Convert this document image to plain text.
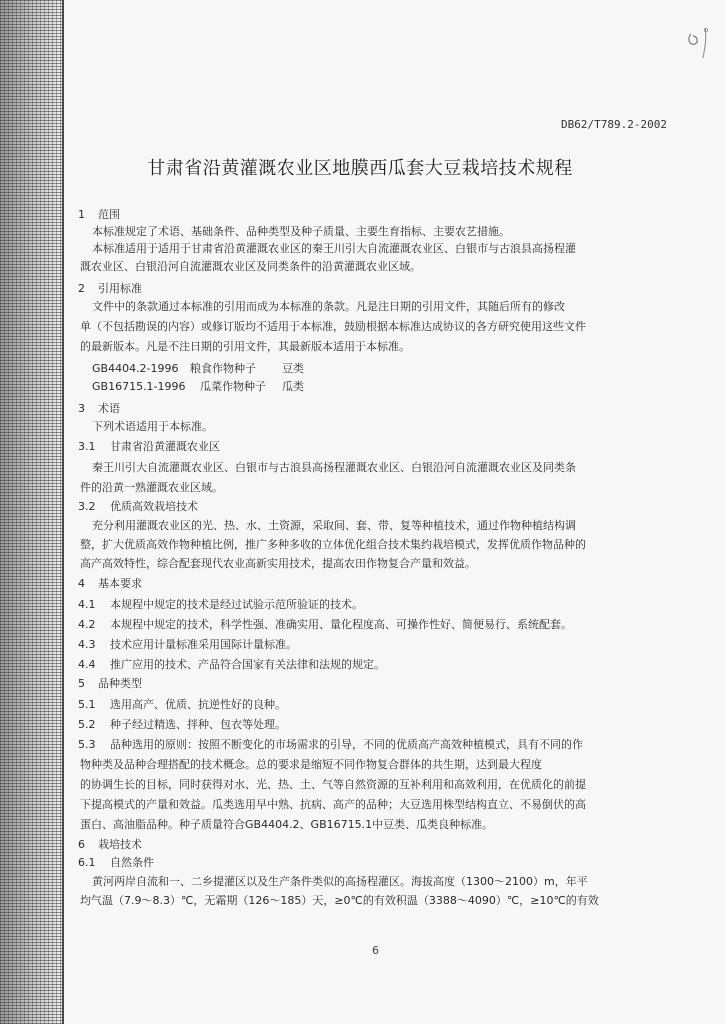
DB62/T789.2-2002
甘肃省沿黄灌溉农业区地膜西瓜套大豆栽培技术规程
1 范围
本标准规定了术语、基础条件、品种类型及种子质量、主要生育指标、主要农艺措施。
本标准适用于适用于甘肃省沿黄灌溉农业区的秦王川引大自流灌溉农业区、白银市与古浪县高扬程灌
溉农业区、白银沿河自流灌溉农业区及同类条件的沿黄灌溉农业区域。
2 引用标准
文件中的条款通过本标准的引用而成为本标准的条款。凡是注日期的引用文件，其随后所有的修改
单（不包括勘误的内容）或修订版均不适用于本标准，鼓励根据本标准达成协议的各方研究使用这些文件
的最新版本。凡是不注日期的引用文件，其最新版本适用于本标准。
GB4404.2-1996 粮食作物种子 豆类
GB16715.1-1996 瓜菜作物种子 瓜类
3 术语
下列术语适用于本标准。
3.1 甘肃省沿黄灌溉农业区
秦王川引大自流灌溉农业区、白银市与古浪县高扬程灌溉农业区、白银沿河自流灌溉农业区及同类条
件的沿黄一熟灌溉农业区域。
3.2 优质高效栽培技术
充分利用灌溉农业区的光、热、水、土资源，采取间、套、带、复等种植技术，通过作物种植结构调
整，扩大优质高效作物种植比例，推广多种多收的立体优化组合技术集约栽培模式，发挥优质作物品种的
高产高效特性，综合配套现代农业高新实用技术，提高农田作物复合产量和效益。
4 基本要求
4.1 本规程中规定的技术是经过试验示范所验证的技术。
4.2 本规程中规定的技术，科学性强、准确实用、量化程度高、可操作性好、简便易行、系统配套。
4.3 技术应用计量标准采用国际计量标准。
4.4 推广应用的技术、产品符合国家有关法律和法规的规定。
5 品种类型
5.1 选用高产、优质、抗逆性好的良种。
5.2 种子经过精选、拌种、包衣等处理。
5.3 品种选用的原则：按照不断变化的市场需求的引导，不同的优质高产高效种植模式，具有不同的作
物种类及品种合理搭配的技术概念。总的要求是缩短不同作物复合群体的共生期，达到最大程度
的协调生长的目标，同时获得对水、光、热、土、气等自然资源的互补利用和高效利用，在优质化的前提
下提高模式的产量和效益。瓜类选用早中熟、抗病、高产的品种；大豆选用株型结构直立、不易倒伏的高
蛋白、高油脂品种。种子质量符合GB4404.2、GB16715.1中豆类、瓜类良种标准。
6 栽培技术
6.1 自然条件
黄河两岸自流和一、二乡提灌区以及生产条件类似的高扬程灌区。海拔高度（1300～2100）m，年平
均气温（7.9～8.3）℃，无霜期（126～185）天，≥0℃的有效积温（3388～4090）℃，≥10℃的有效
6
